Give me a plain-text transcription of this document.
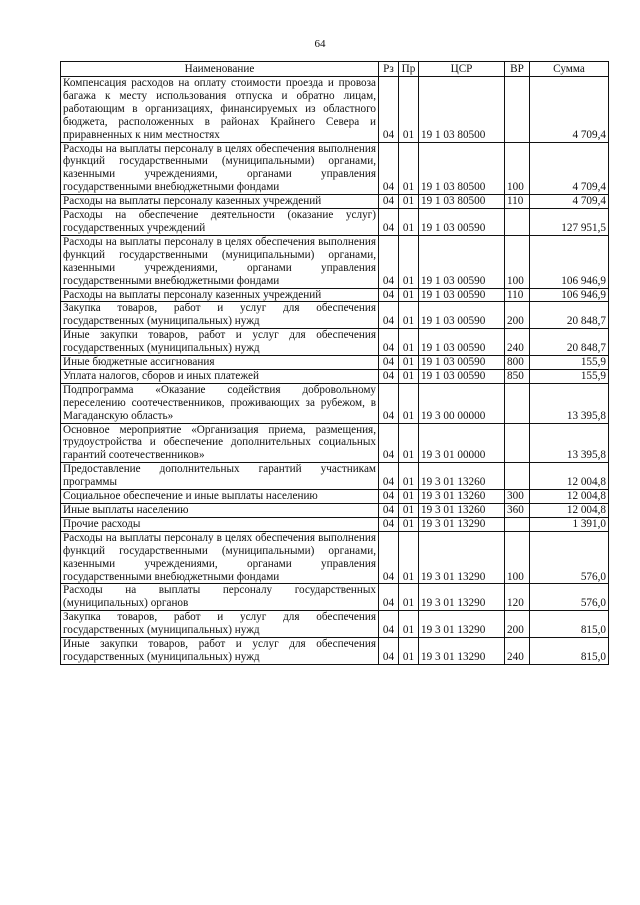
64
Наименование	Рз	Пр	ЦСР	ВР	Сумма
Компенсация расходов на оплату стоимости проезда и провоза багажа к месту использования отпуска и обратно лицам, работающим в организациях, финансируемых из областного бюджета, расположенных в районах Крайнего Севера и приравненных к ним местностях	04	01	19 1 03 80500		4 709,4
Расходы на выплаты персоналу в целях обеспечения выполнения функций государственными (муниципальными) органами, казенными учреждениями, органами управления государственными внебюджетными фондами	04	01	19 1 03 80500	100	4 709,4
Расходы на выплаты персоналу казенных учреждений	04	01	19 1 03 80500	110	4 709,4
Расходы на обеспечение деятельности (оказание услуг) государственных учреждений	04	01	19 1 03 00590		127 951,5
Расходы на выплаты персоналу в целях обеспечения выполнения функций государственными (муниципальными) органами, казенными учреждениями, органами управления государственными внебюджетными фондами	04	01	19 1 03 00590	100	106 946,9
Расходы на выплаты персоналу казенных учреждений	04	01	19 1 03 00590	110	106 946,9
Закупка товаров, работ и услуг для обеспечения государственных (муниципальных) нужд	04	01	19 1 03 00590	200	20 848,7
Иные закупки товаров, работ и услуг для обеспечения государственных (муниципальных) нужд	04	01	19 1 03 00590	240	20 848,7
Иные бюджетные ассигнования	04	01	19 1 03 00590	800	155,9
Уплата налогов, сборов и иных платежей	04	01	19 1 03 00590	850	155,9
Подпрограмма «Оказание содействия добровольному переселению соотечественников, проживающих за рубежом, в Магаданскую область»	04	01	19 3 00 00000		13 395,8
Основное мероприятие «Организация приема, размещения, трудоустройства и обеспечение дополнительных социальных гарантий соотечественников»	04	01	19 3 01 00000		13 395,8
Предоставление дополнительных гарантий участникам программы	04	01	19 3 01 13260		12 004,8
Социальное обеспечение и иные выплаты населению	04	01	19 3 01 13260	300	12 004,8
Иные выплаты населению	04	01	19 3 01 13260	360	12 004,8
Прочие расходы	04	01	19 3 01 13290		1 391,0
Расходы на выплаты персоналу в целях обеспечения выполнения функций государственными (муниципальными) органами, казенными учреждениями, органами управления государственными внебюджетными фондами	04	01	19 3 01 13290	100	576,0
Расходы на выплаты персоналу государственных (муниципальных) органов	04	01	19 3 01 13290	120	576,0
Закупка товаров, работ и услуг для обеспечения государственных (муниципальных) нужд	04	01	19 3 01 13290	200	815,0
Иные закупки товаров, работ и услуг для обеспечения государственных (муниципальных) нужд	04	01	19 3 01 13290	240	815,0
